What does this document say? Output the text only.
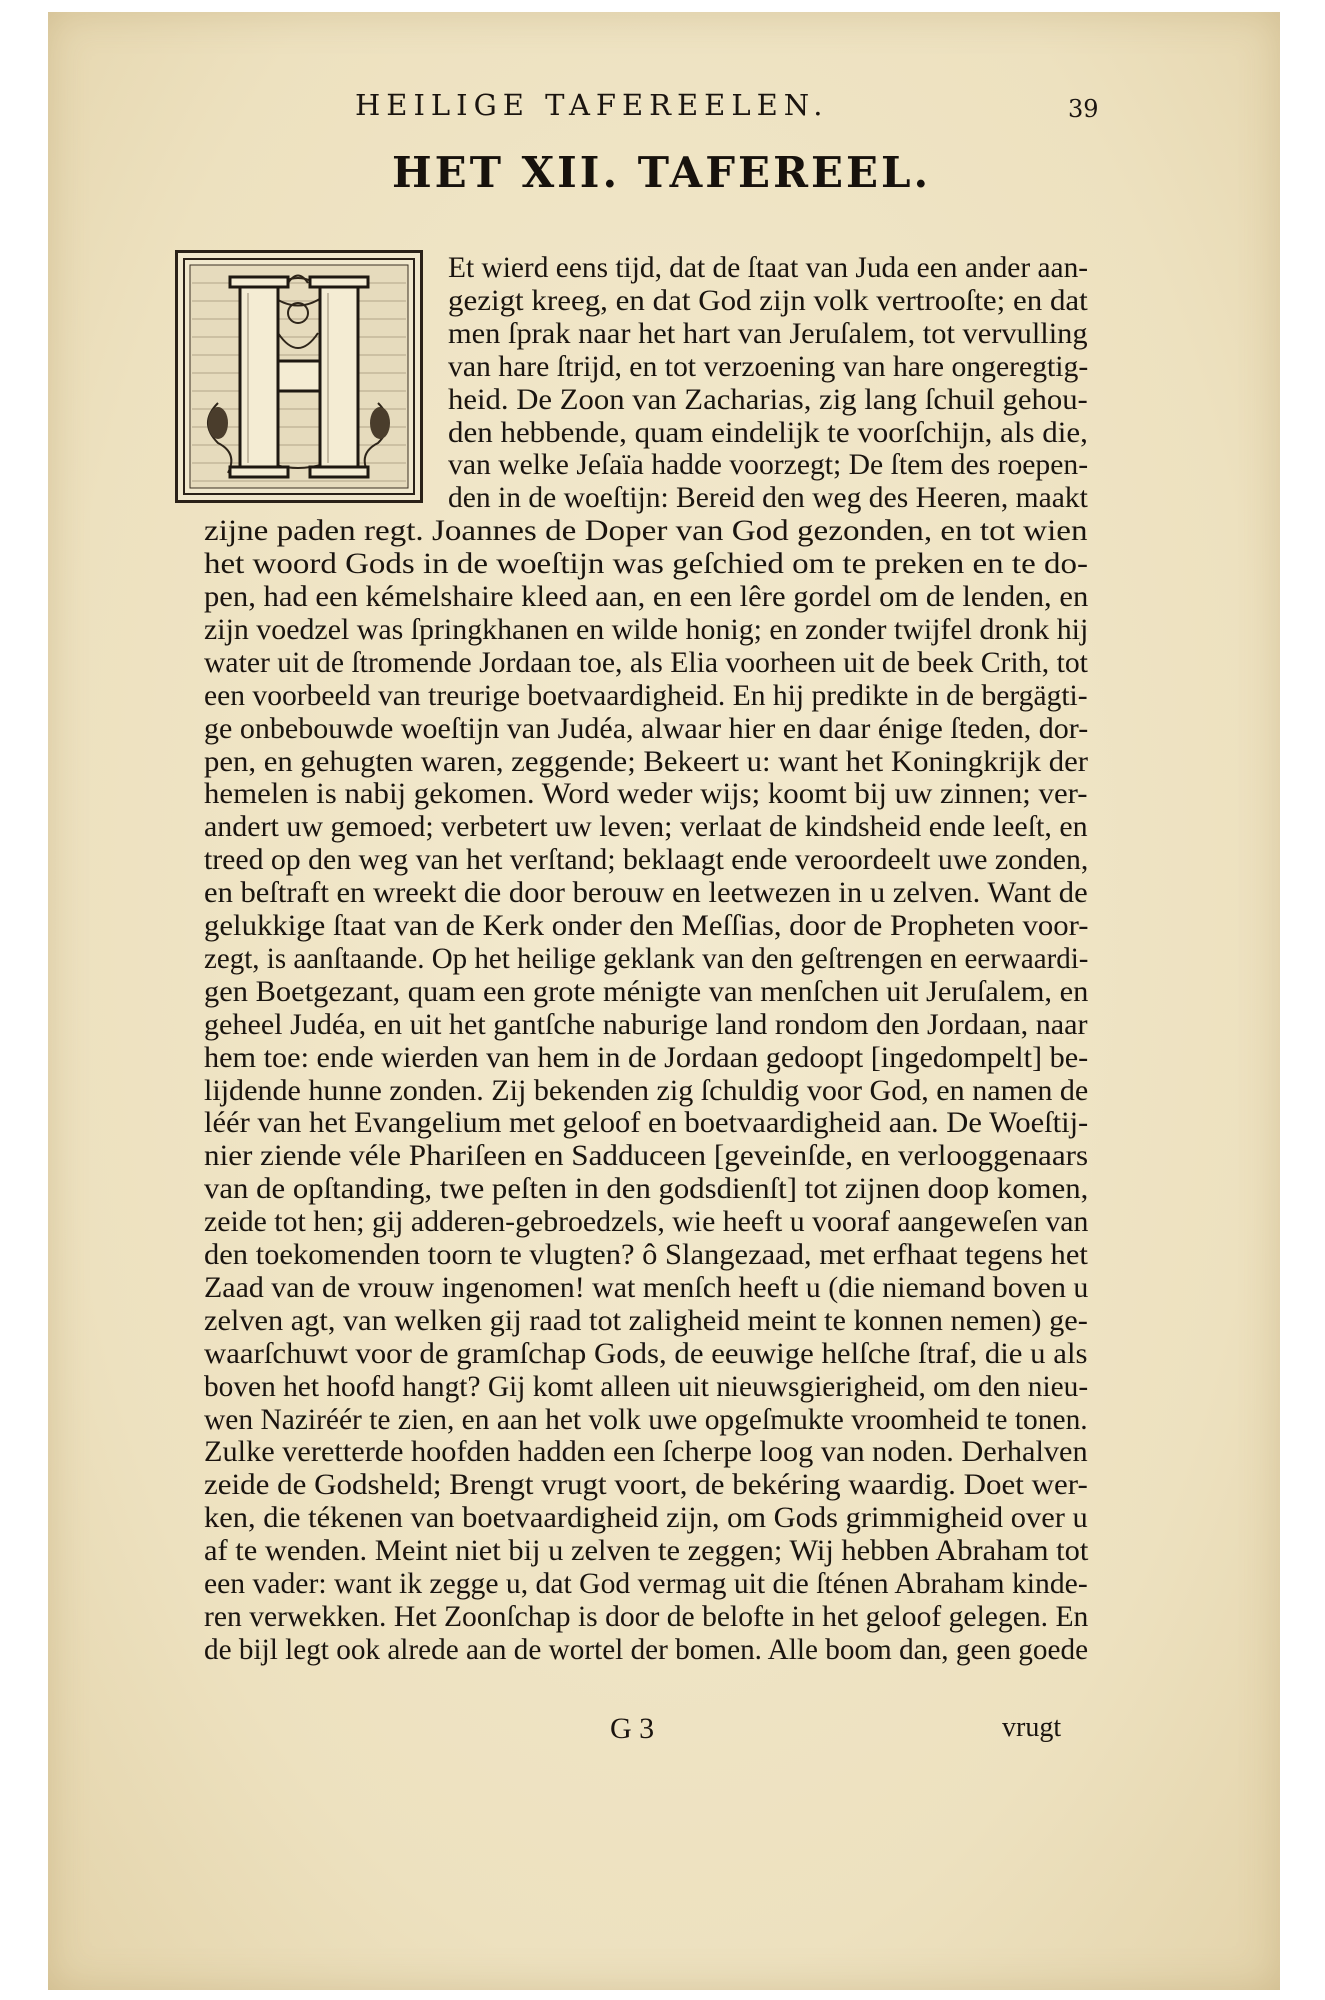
HEILIGE TAFEREELEN.	39
HET XII. TAFEREEL.
Et wierd eens tijd, dat de ſtaat van Juda een ander aan-
gezigt kreeg, en dat God zijn volk vertrooſte; en dat
men ſprak naar het hart van Jeruſalem, tot vervulling
van hare ſtrijd, en tot verzoening van hare ongeregtig-
heid. De Zoon van Zacharias, zig lang ſchuil gehou-
den hebbende, quam eindelijk te voorſchijn, als die,
van welke Jeſaïa hadde voorzegt; De ſtem des roepen-
den in de woeſtijn: Bereid den weg des Heeren, maakt
zijne paden regt. Joannes de Doper van God gezonden, en tot wien
het woord Gods in de woeſtijn was geſchied om te preken en te do-
pen, had een kémelshaire kleed aan, en een lêre gordel om de lenden, en
zijn voedzel was ſpringkhanen en wilde honig; en zonder twijfel dronk hij
water uit de ſtromende Jordaan toe, als Elia voorheen uit de beek Crith, tot
een voorbeeld van treurige boetvaardigheid. En hij predikte in de bergägti-
ge onbebouwde woeſtijn van Judéa, alwaar hier en daar énige ſteden, dor-
pen, en gehugten waren, zeggende; Bekeert u: want het Koningkrijk der
hemelen is nabij gekomen. Word weder wijs; koomt bij uw zinnen; ver-
andert uw gemoed; verbetert uw leven; verlaat de kindsheid ende leeſt, en
treed op den weg van het verſtand; beklaagt ende veroordeelt uwe zonden,
en beſtraft en wreekt die door berouw en leetwezen in u zelven. Want de
gelukkige ſtaat van de Kerk onder den Meſſias, door de Propheten voor-
zegt, is aanſtaande. Op het heilige geklank van den geſtrengen en eerwaardi-
gen Boetgezant, quam een grote ménigte van menſchen uit Jeruſalem, en
geheel Judéa, en uit het gantſche naburige land rondom den Jordaan, naar
hem toe: ende wierden van hem in de Jordaan gedoopt [ingedompelt] be-
lijdende hunne zonden. Zij bekenden zig ſchuldig voor God, en namen de
léér van het Evangelium met geloof en boetvaardigheid aan. De Woeſtij-
nier ziende véle Phariſeen en Sadduceen [geveinſde, en verlooggenaars
van de opſtanding, twe peſten in den godsdienſt] tot zijnen doop komen,
zeide tot hen; gij adderen-gebroedzels, wie heeft u vooraf aangeweſen van
den toekomenden toorn te vlugten? ô Slangezaad, met erfhaat tegens het
Zaad van de vrouw ingenomen! wat menſch heeft u (die niemand boven u
zelven agt, van welken gij raad tot zaligheid meint te konnen nemen) ge-
waarſchuwt voor de gramſchap Gods, de eeuwige helſche ſtraf, die u als
boven het hoofd hangt? Gij komt alleen uit nieuwsgierigheid, om den nieu-
wen Naziréér te zien, en aan het volk uwe opgeſmukte vroomheid te tonen.
Zulke veretterde hoofden hadden een ſcherpe loog van noden. Derhalven
zeide de Godsheld; Brengt vrugt voort, de bekéring waardig. Doet wer-
ken, die tékenen van boetvaardigheid zijn, om Gods grimmigheid over u
af te wenden. Meint niet bij u zelven te zeggen; Wij hebben Abraham tot
een vader: want ik zegge u, dat God vermag uit die ſténen Abraham kinde-
ren verwekken. Het Zoonſchap is door de belofte in het geloof gelegen. En
de bijl legt ook alrede aan de wortel der bomen. Alle boom dan, geen goede
G 3	vrugt
